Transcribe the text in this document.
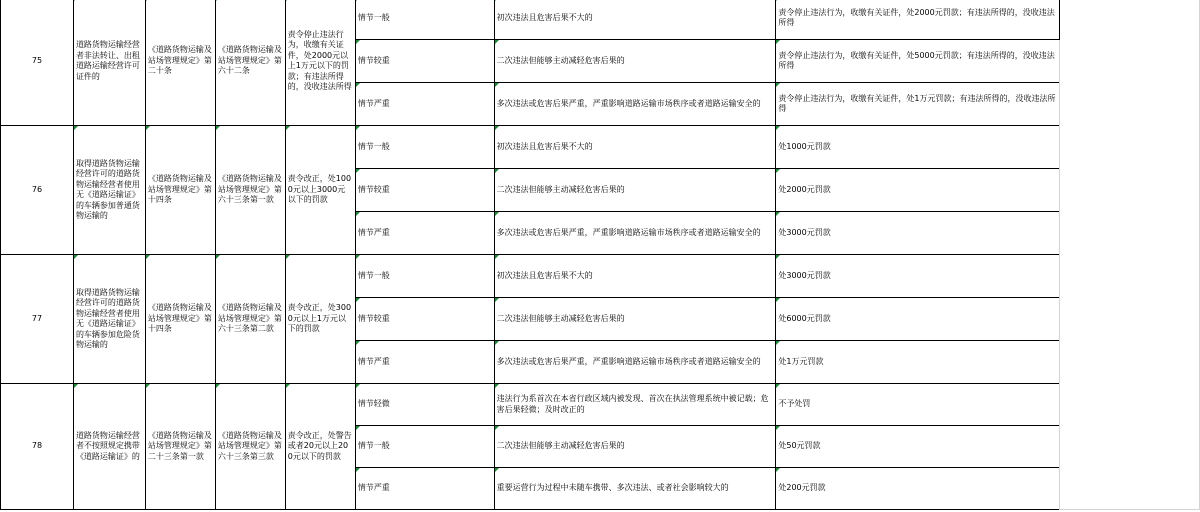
75	道路货物运输经营者非法转让、出租道路运输经营许可证件的	《道路货物运输及站场管理规定》第二十条	《道路货物运输及站场管理规定》第六十二条	责令停止违法行为，收缴有关证件，处2000元以上1万元以下的罚款；有违法所得的，没收违法所得	情节一般	初次违法且危害后果不大的	责令停止违法行为，收缴有关证件，处2000元罚款；有违法所得的，没收违法所得	
					情节较重	二次违法但能够主动减轻危害后果的	责令停止违法行为，收缴有关证件，处5000元罚款；有违法所得的，没收违法所得	
					情节严重	多次违法或危害后果严重，严重影响道路运输市场秩序或者道路运输安全的	责令停止违法行为，收缴有关证件，处1万元罚款；有违法所得的，没收违法所得	
76	取得道路货物运输经营许可的道路货物运输经营者使用无《道路运输证》的车辆参加普通货物运输的	《道路货物运输及站场管理规定》第十四条	《道路货物运输及站场管理规定》第六十三条第一款	责令改正，处1000元以上3000元以下的罚款	情节一般	初次违法且危害后果不大的	处1000元罚款	
					情节较重	二次违法但能够主动减轻危害后果的	处2000元罚款	
					情节严重	多次违法或危害后果严重，严重影响道路运输市场秩序或者道路运输安全的	处3000元罚款	
77	取得道路货物运输经营许可的道路货物运输经营者使用无《道路运输证》的车辆参加危险货物运输的	《道路货物运输及站场管理规定》第十四条	《道路货物运输及站场管理规定》第六十三条第二款	责令改正，处3000元以上1万元以下的罚款	情节一般	初次违法且危害后果不大的	处3000元罚款	
					情节较重	二次违法但能够主动减轻危害后果的	处6000元罚款	
					情节严重	多次违法或危害后果严重，严重影响道路运输市场秩序或者道路运输安全的	处1万元罚款	
78	道路货物运输经营者不按照规定携带《道路运输证》的	《道路货物运输及站场管理规定》第二十三条第一款	《道路货物运输及站场管理规定》第六十三条第三款	责令改正，处警告或者20元以上200元以下的罚款	情节轻微	违法行为系首次在本省行政区域内被发现、首次在执法管理系统中被记载；危害后果轻微；及时改正的	不予处罚	
					情节一般	二次违法但能够主动减轻危害后果的	处50元罚款	
					情节严重	重要运营行为过程中未随车携带、多次违法、或者社会影响较大的	处200元罚款	
